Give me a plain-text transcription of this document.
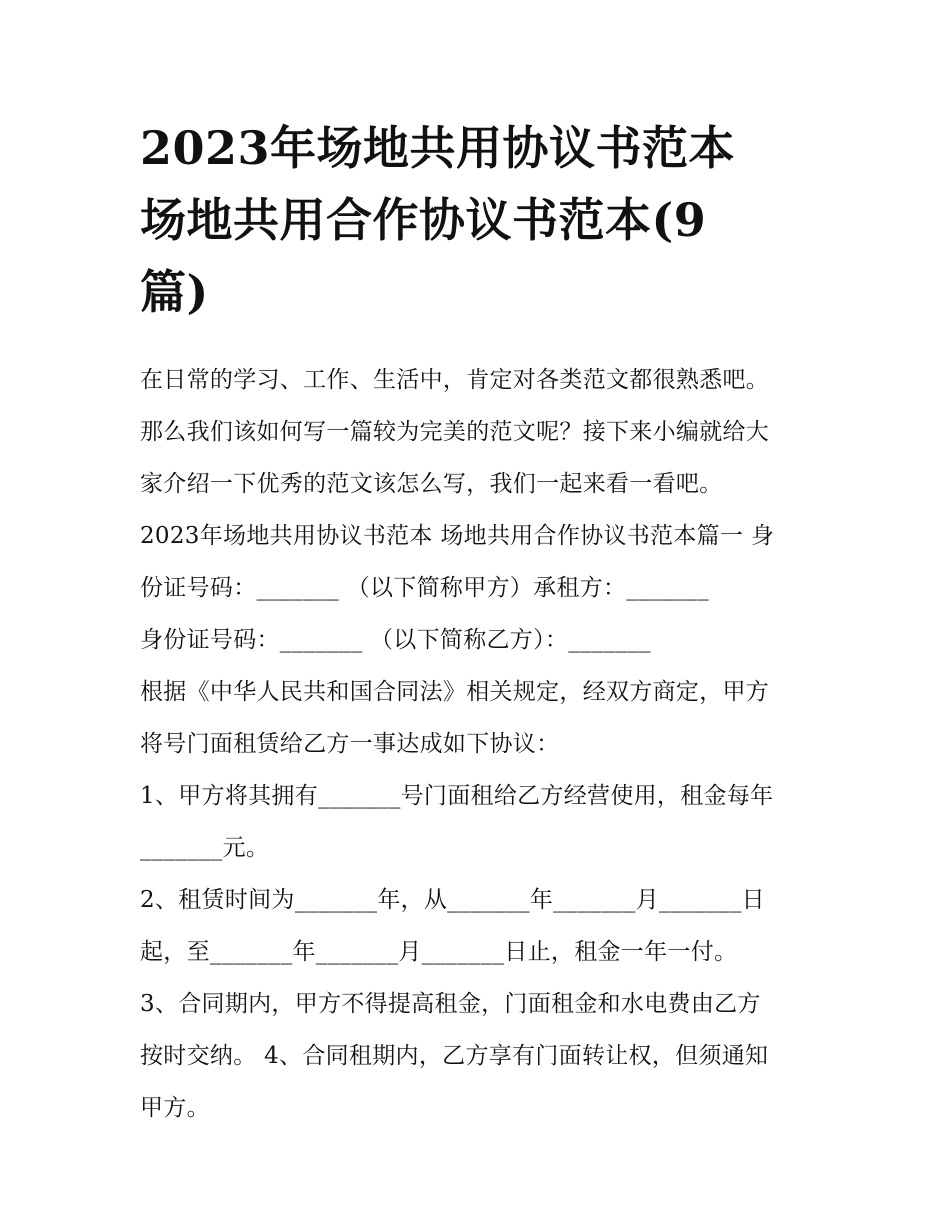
2023年场地共用协议书范本
场地共用合作协议书范本(9
篇)
在日常的学习、工作、生活中，肯定对各类范文都很熟悉吧。
那么我们该如何写一篇较为完美的范文呢？接下来小编就给大
家介绍一下优秀的范文该怎么写，我们一起来看一看吧。
2023年场地共用协议书范本 场地共用合作协议书范本篇一 身
份证号码：_______ （以下简称甲方）承租方：_______
身份证号码：_______ （以下简称乙方）：_______
根据《中华人民共和国合同法》相关规定，经双方商定，甲方
将号门面租赁给乙方一事达成如下协议：
1、甲方将其拥有_______号门面租给乙方经营使用，租金每年
_______元。
2、租赁时间为_______年，从_______年_______月_______日
起，至_______年_______月_______日止，租金一年一付。
3、合同期内，甲方不得提高租金，门面租金和水电费由乙方
按时交纳。 4、合同租期内，乙方享有门面转让权，但须通知
甲方。
